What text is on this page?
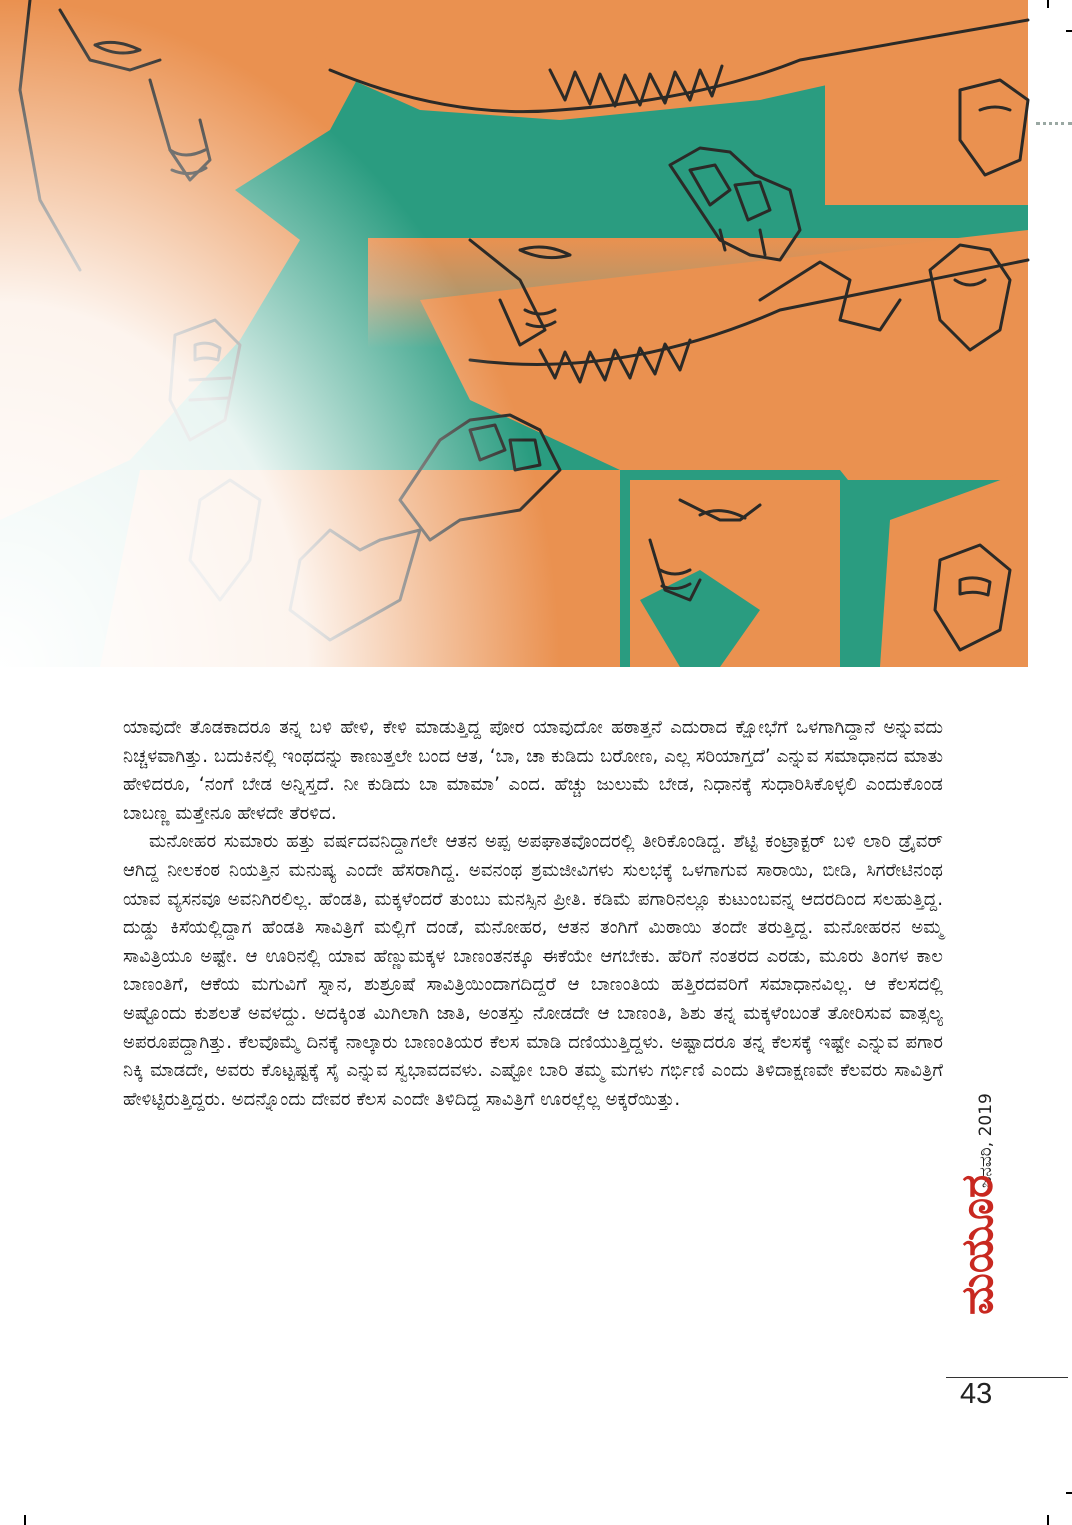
ಯಾವುದೇ ತೊಡಕಾದರೂ ತನ್ನ ಬಳಿ ಹೇಳಿ, ಕೇಳಿ ಮಾಡುತ್ತಿದ್ದ ಪೋರ ಯಾವುದೋ ಹಠಾತ್ತನೆ ಎದುರಾದ ಕ್ಷೋಭೆಗೆ ಒಳಗಾಗಿದ್ದಾನೆ ಅನ್ನುವದು ನಿಚ್ಚಳವಾಗಿತ್ತು. ಬದುಕಿನಲ್ಲಿ ಇಂಥದನ್ನು ಕಾಣುತ್ತಲೇ ಬಂದ ಆತ, ‘ಬಾ, ಚಾ ಕುಡಿದು ಬರೋಣ, ಎಲ್ಲ ಸರಿಯಾಗ್ತದೆ’ ಎನ್ನುವ ಸಮಾಧಾನದ ಮಾತು ಹೇಳಿದರೂ, ‘ನಂಗೆ ಬೇಡ ಅನ್ನಿಸ್ತದೆ. ನೀ ಕುಡಿದು ಬಾ ಮಾಮಾ’ ಎಂದ. ಹೆಚ್ಚು ಜುಲುಮೆ ಬೇಡ, ನಿಧಾನಕ್ಕೆ ಸುಧಾರಿಸಿಕೊಳ್ಳಲಿ ಎಂದುಕೊಂಡ ಬಾಬಣ್ಣ ಮತ್ತೇನೂ ಹೇಳದೇ ತೆರಳಿದ.

ಮನೋಹರ ಸುಮಾರು ಹತ್ತು ವರ್ಷದವನಿದ್ದಾಗಲೇ ಆತನ ಅಪ್ಪ ಅಪಘಾತವೊಂದರಲ್ಲಿ ತೀರಿಕೊಂಡಿದ್ದ. ಶೆಟ್ಟಿ ಕಂಟ್ರಾಕ್ಟರ್ ಬಳಿ ಲಾರಿ ಡ್ರೈವರ್ ಆಗಿದ್ದ ನೀಲಕಂಠ ನಿಯತ್ತಿನ ಮನುಷ್ಯ ಎಂದೇ ಹೆಸರಾಗಿದ್ದ. ಅವನಂಥ ಶ್ರಮಜೀವಿಗಳು ಸುಲಭಕ್ಕೆ ಒಳಗಾಗುವ ಸಾರಾಯಿ, ಬೀಡಿ, ಸಿಗರೇಟಿನಂಥ ಯಾವ ವ್ಯಸನವೂ ಅವನಿಗಿರಲಿಲ್ಲ. ಹೆಂಡತಿ, ಮಕ್ಕಳೆಂದರೆ ತುಂಬು ಮನಸ್ಸಿನ ಪ್ರೀತಿ. ಕಡಿಮೆ ಪಗಾರಿನಲ್ಲೂ ಕುಟುಂಬವನ್ನ ಆದರದಿಂದ ಸಲಹುತ್ತಿದ್ದ. ದುಡ್ಡು ಕಿಸೆಯಲ್ಲಿದ್ದಾಗ ಹೆಂಡತಿ ಸಾವಿತ್ರಿಗೆ ಮಲ್ಲಿಗೆ ದಂಡೆ, ಮನೋಹರ, ಆತನ ತಂಗಿಗೆ ಮಿಠಾಯಿ ತಂದೇ ತರುತ್ತಿದ್ದ. ಮನೋಹರನ ಅಮ್ಮ ಸಾವಿತ್ರಿಯೂ ಅಷ್ಟೇ. ಆ ಊರಿನಲ್ಲಿ ಯಾವ ಹೆಣ್ಣುಮಕ್ಕಳ ಬಾಣಂತನಕ್ಕೂ ಈಕೆಯೇ ಆಗಬೇಕು. ಹೆರಿಗೆ ನಂತರದ ಎರಡು, ಮೂರು ತಿಂಗಳ ಕಾಲ ಬಾಣಂತಿಗೆ, ಆಕೆಯ ಮಗುವಿಗೆ ಸ್ನಾನ, ಶುಶ್ರೂಷೆ ಸಾವಿತ್ರಿಯಿಂದಾಗದಿದ್ದರೆ ಆ ಬಾಣಂತಿಯ ಹತ್ತಿರದವರಿಗೆ ಸಮಾಧಾನವಿಲ್ಲ. ಆ ಕೆಲಸದಲ್ಲಿ ಅಷ್ಟೊಂದು ಕುಶಲತೆ ಅವಳದ್ದು. ಅದಕ್ಕಿಂತ ಮಿಗಿಲಾಗಿ ಜಾತಿ, ಅಂತಸ್ತು ನೋಡದೇ ಆ ಬಾಣಂತಿ, ಶಿಶು ತನ್ನ ಮಕ್ಕಳೆಂಬಂತೆ ತೋರಿಸುವ ವಾತ್ಸಲ್ಯ ಅಪರೂಪದ್ದಾಗಿತ್ತು. ಕೆಲವೊಮ್ಮೆ ದಿನಕ್ಕೆ ನಾಲ್ಕಾರು ಬಾಣಂತಿಯರ ಕೆಲಸ ಮಾಡಿ ದಣಿಯುತ್ತಿದ್ದಳು. ಅಷ್ಟಾದರೂ ತನ್ನ ಕೆಲಸಕ್ಕೆ ಇಷ್ಟೇ ಎನ್ನುವ ಪಗಾರ ನಿಕ್ಕಿ ಮಾಡದೇ, ಅವರು ಕೊಟ್ಟಷ್ಟಕ್ಕೆ ಸೈ ಎನ್ನುವ ಸ್ವಭಾವದವಳು. ಎಷ್ಟೋ ಬಾರಿ ತಮ್ಮ ಮಗಳು ಗರ್ಭಿಣಿ ಎಂದು ತಿಳಿದಾಕ್ಷಣವೇ ಕೆಲವರು ಸಾವಿತ್ರಿಗೆ ಹೇಳಿಟ್ಟಿರುತ್ತಿದ್ದರು. ಅದನ್ನೊಂದು ದೇವರ ಕೆಲಸ ಎಂದೇ ತಿಳಿದಿದ್ದ ಸಾವಿತ್ರಿಗೆ ಊರಲ್ಲೆಲ್ಲ ಅಕ್ಕರೆಯಿತ್ತು.	ಜನವರಿ, 2019
ಮಯೂರ
43
